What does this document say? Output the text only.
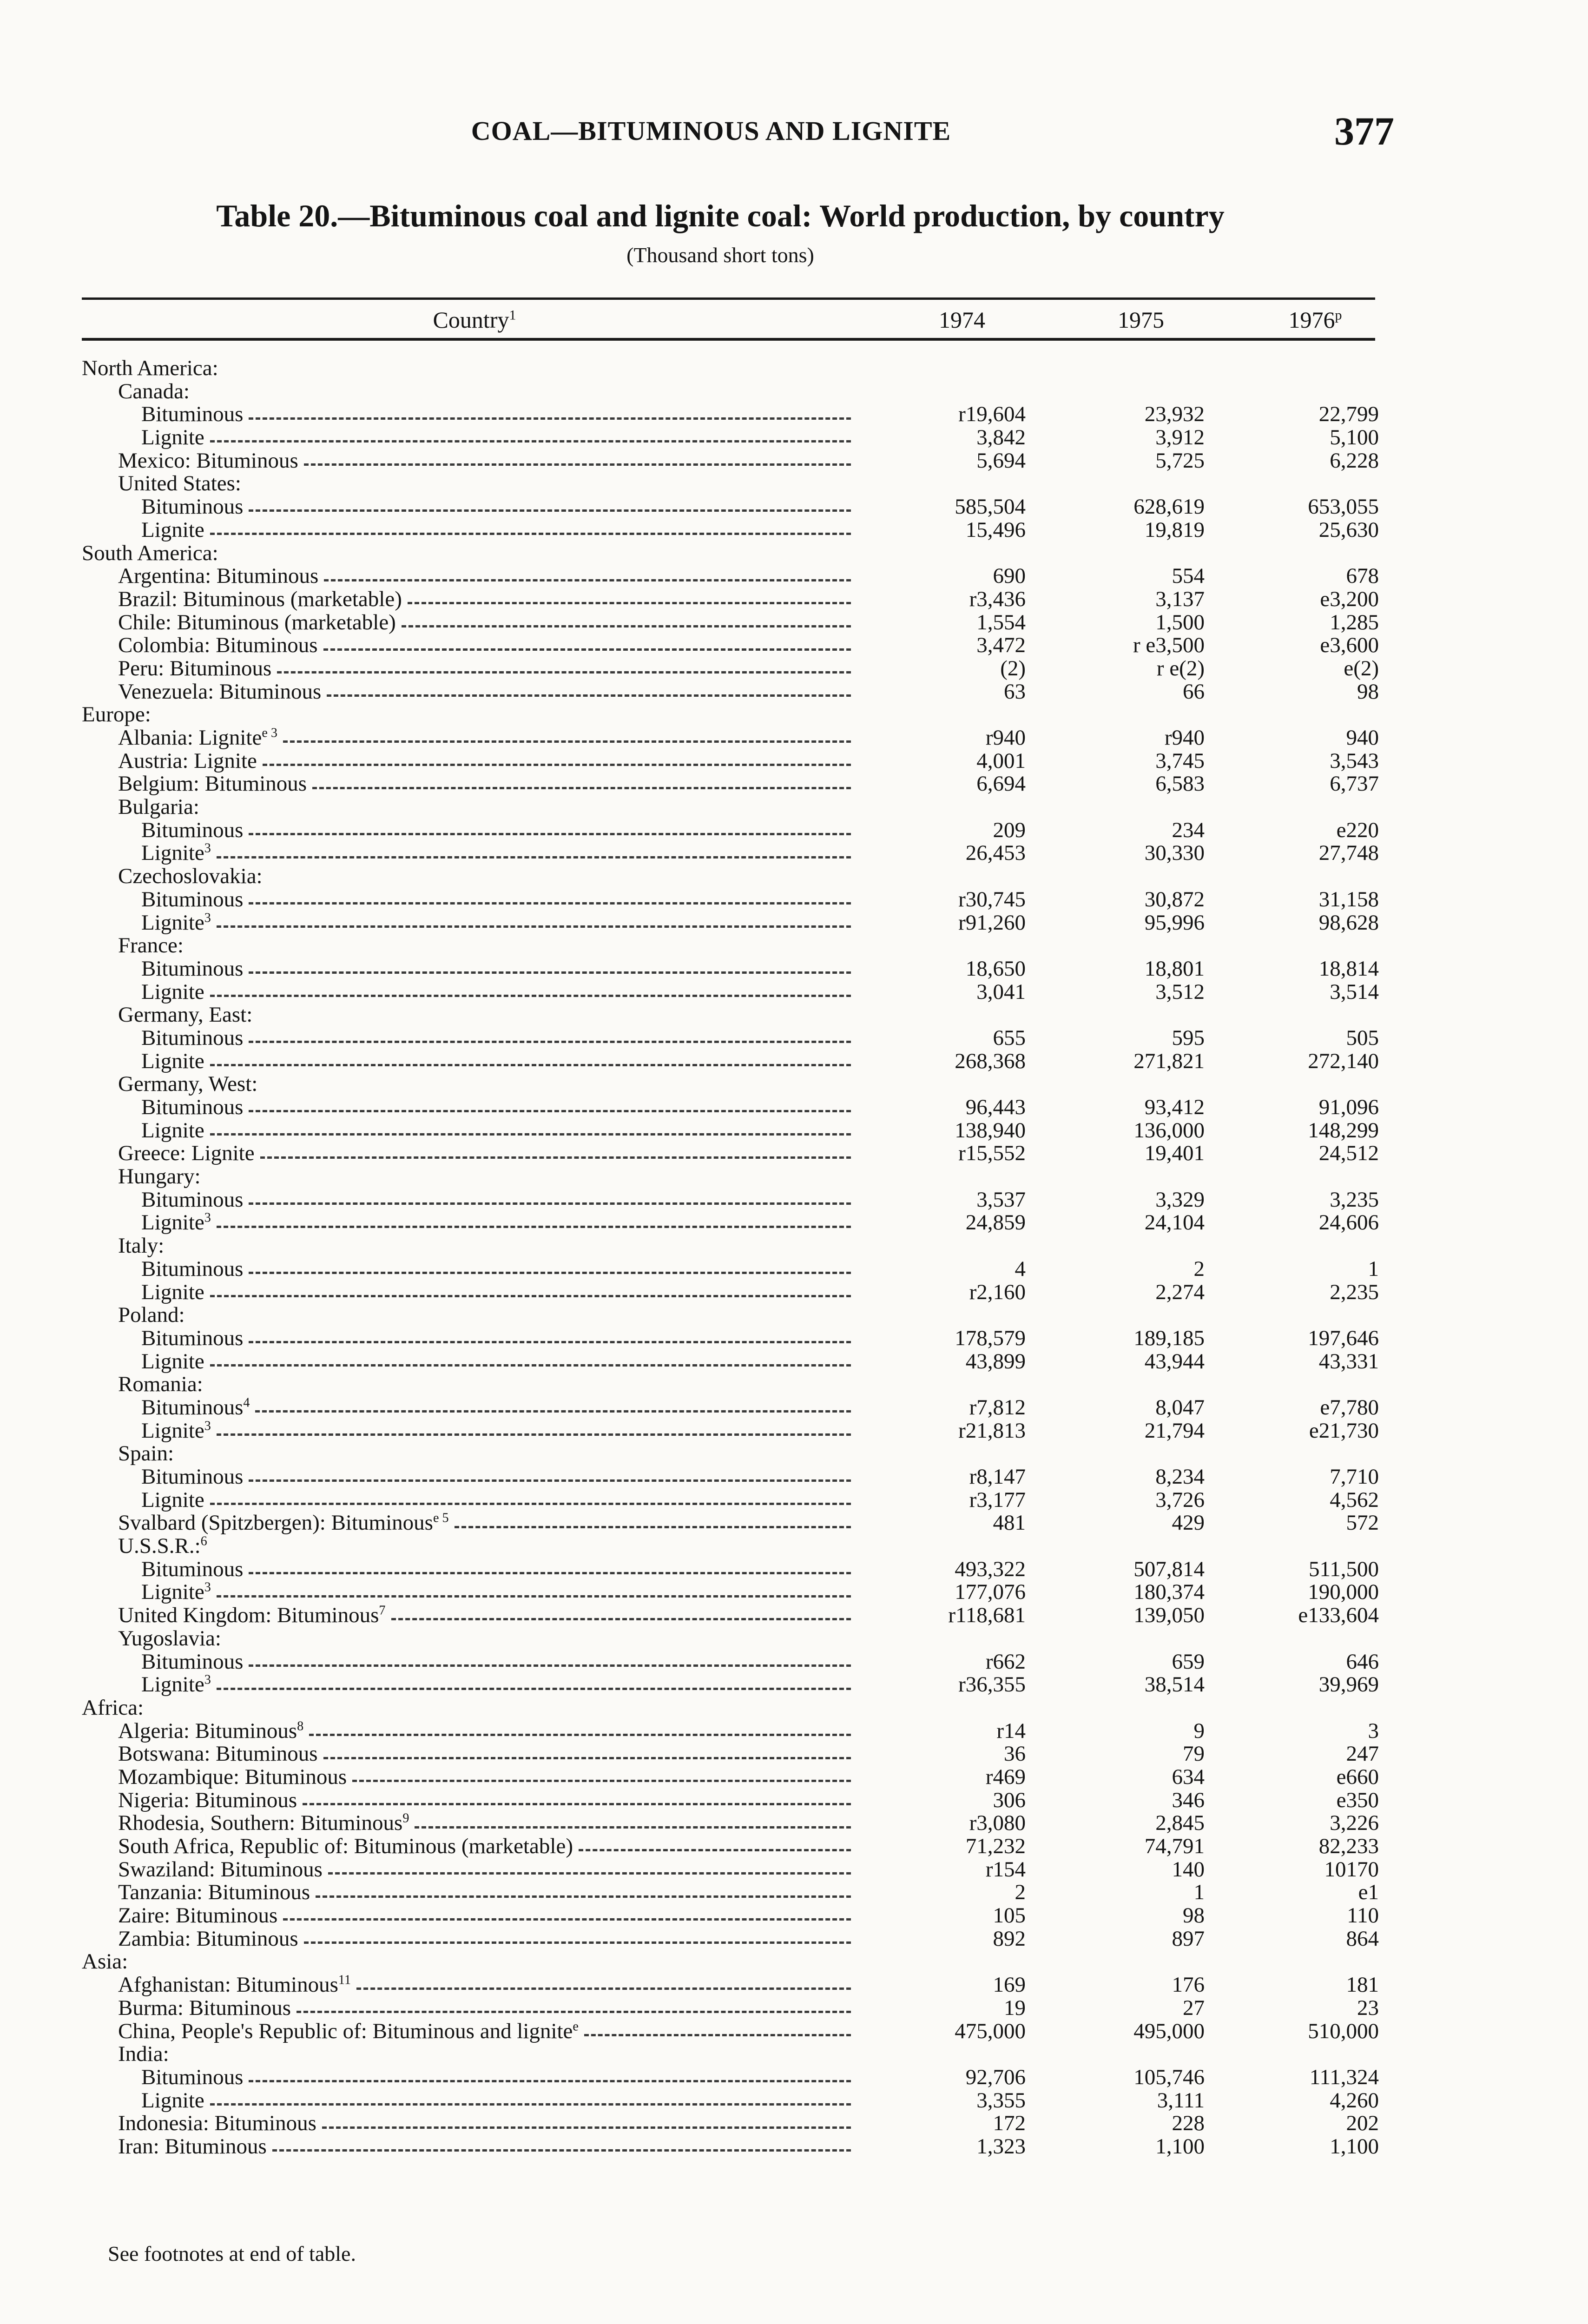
COAL—BITUMINOUS AND LIGNITE	377
Table 20.—Bituminous coal and lignite coal: World production, by country
(Thousand short tons)
Country$^1$	1974	1975	1976$^p$
North America:
Canada:
Bituminous	r19,604	23,932	22,799
Lignite	3,842	3,912	5,100
Mexico: Bituminous	5,694	5,725	6,228
United States:
Bituminous	585,504	628,619	653,055
Lignite	15,496	19,819	25,630
South America:
Argentina: Bituminous	690	554	678
Brazil: Bituminous (marketable)	r3,436	3,137	e3,200
Chile: Bituminous (marketable)	1,554	1,500	1,285
Colombia: Bituminous	3,472	r e3,500	e3,600
Peru: Bituminous	(2)	r e(2)	e(2)
Venezuela: Bituminous	63	66	98
Europe:
Albania: Lignite$^{e 3}$	r940	r940	940
Austria: Lignite	4,001	3,745	3,543
Belgium: Bituminous	6,694	6,583	6,737
Bulgaria:
Bituminous	209	234	e220
Lignite$^3$	26,453	30,330	27,748
Czechoslovakia:
Bituminous	r30,745	30,872	31,158
Lignite$^3$	r91,260	95,996	98,628
France:
Bituminous	18,650	18,801	18,814
Lignite	3,041	3,512	3,514
Germany, East:
Bituminous	655	595	505
Lignite	268,368	271,821	272,140
Germany, West:
Bituminous	96,443	93,412	91,096
Lignite	138,940	136,000	148,299
Greece: Lignite	r15,552	19,401	24,512
Hungary:
Bituminous	3,537	3,329	3,235
Lignite$^3$	24,859	24,104	24,606
Italy:
Bituminous	4	2	1
Lignite	r2,160	2,274	2,235
Poland:
Bituminous	178,579	189,185	197,646
Lignite	43,899	43,944	43,331
Romania:
Bituminous$^4$	r7,812	8,047	e7,780
Lignite$^3$	r21,813	21,794	e21,730
Spain:
Bituminous	r8,147	8,234	7,710
Lignite	r3,177	3,726	4,562
Svalbard (Spitzbergen): Bituminous$^{e 5}$	481	429	572
U.S.S.R.:$^6$
Bituminous	493,322	507,814	511,500
Lignite$^3$	177,076	180,374	190,000
United Kingdom: Bituminous$^7$	r118,681	139,050	e133,604
Yugoslavia:
Bituminous	r662	659	646
Lignite$^3$	r36,355	38,514	39,969
Africa:
Algeria: Bituminous$^8$	r14	9	3
Botswana: Bituminous	36	79	247
Mozambique: Bituminous	r469	634	e660
Nigeria: Bituminous	306	346	e350
Rhodesia, Southern: Bituminous$^9$	r3,080	2,845	3,226
South Africa, Republic of: Bituminous (marketable)	71,232	74,791	82,233
Swaziland: Bituminous	r154	140	10170
Tanzania: Bituminous	2	1	e1
Zaire: Bituminous	105	98	110
Zambia: Bituminous	892	897	864
Asia:
Afghanistan: Bituminous$^{11}$	169	176	181
Burma: Bituminous	19	27	23
China, People's Republic of: Bituminous and lignite$^e$	475,000	495,000	510,000
India:
Bituminous	92,706	105,746	111,324
Lignite	3,355	3,111	4,260
Indonesia: Bituminous	172	228	202
Iran: Bituminous	1,323	1,100	1,100
See footnotes at end of table.
